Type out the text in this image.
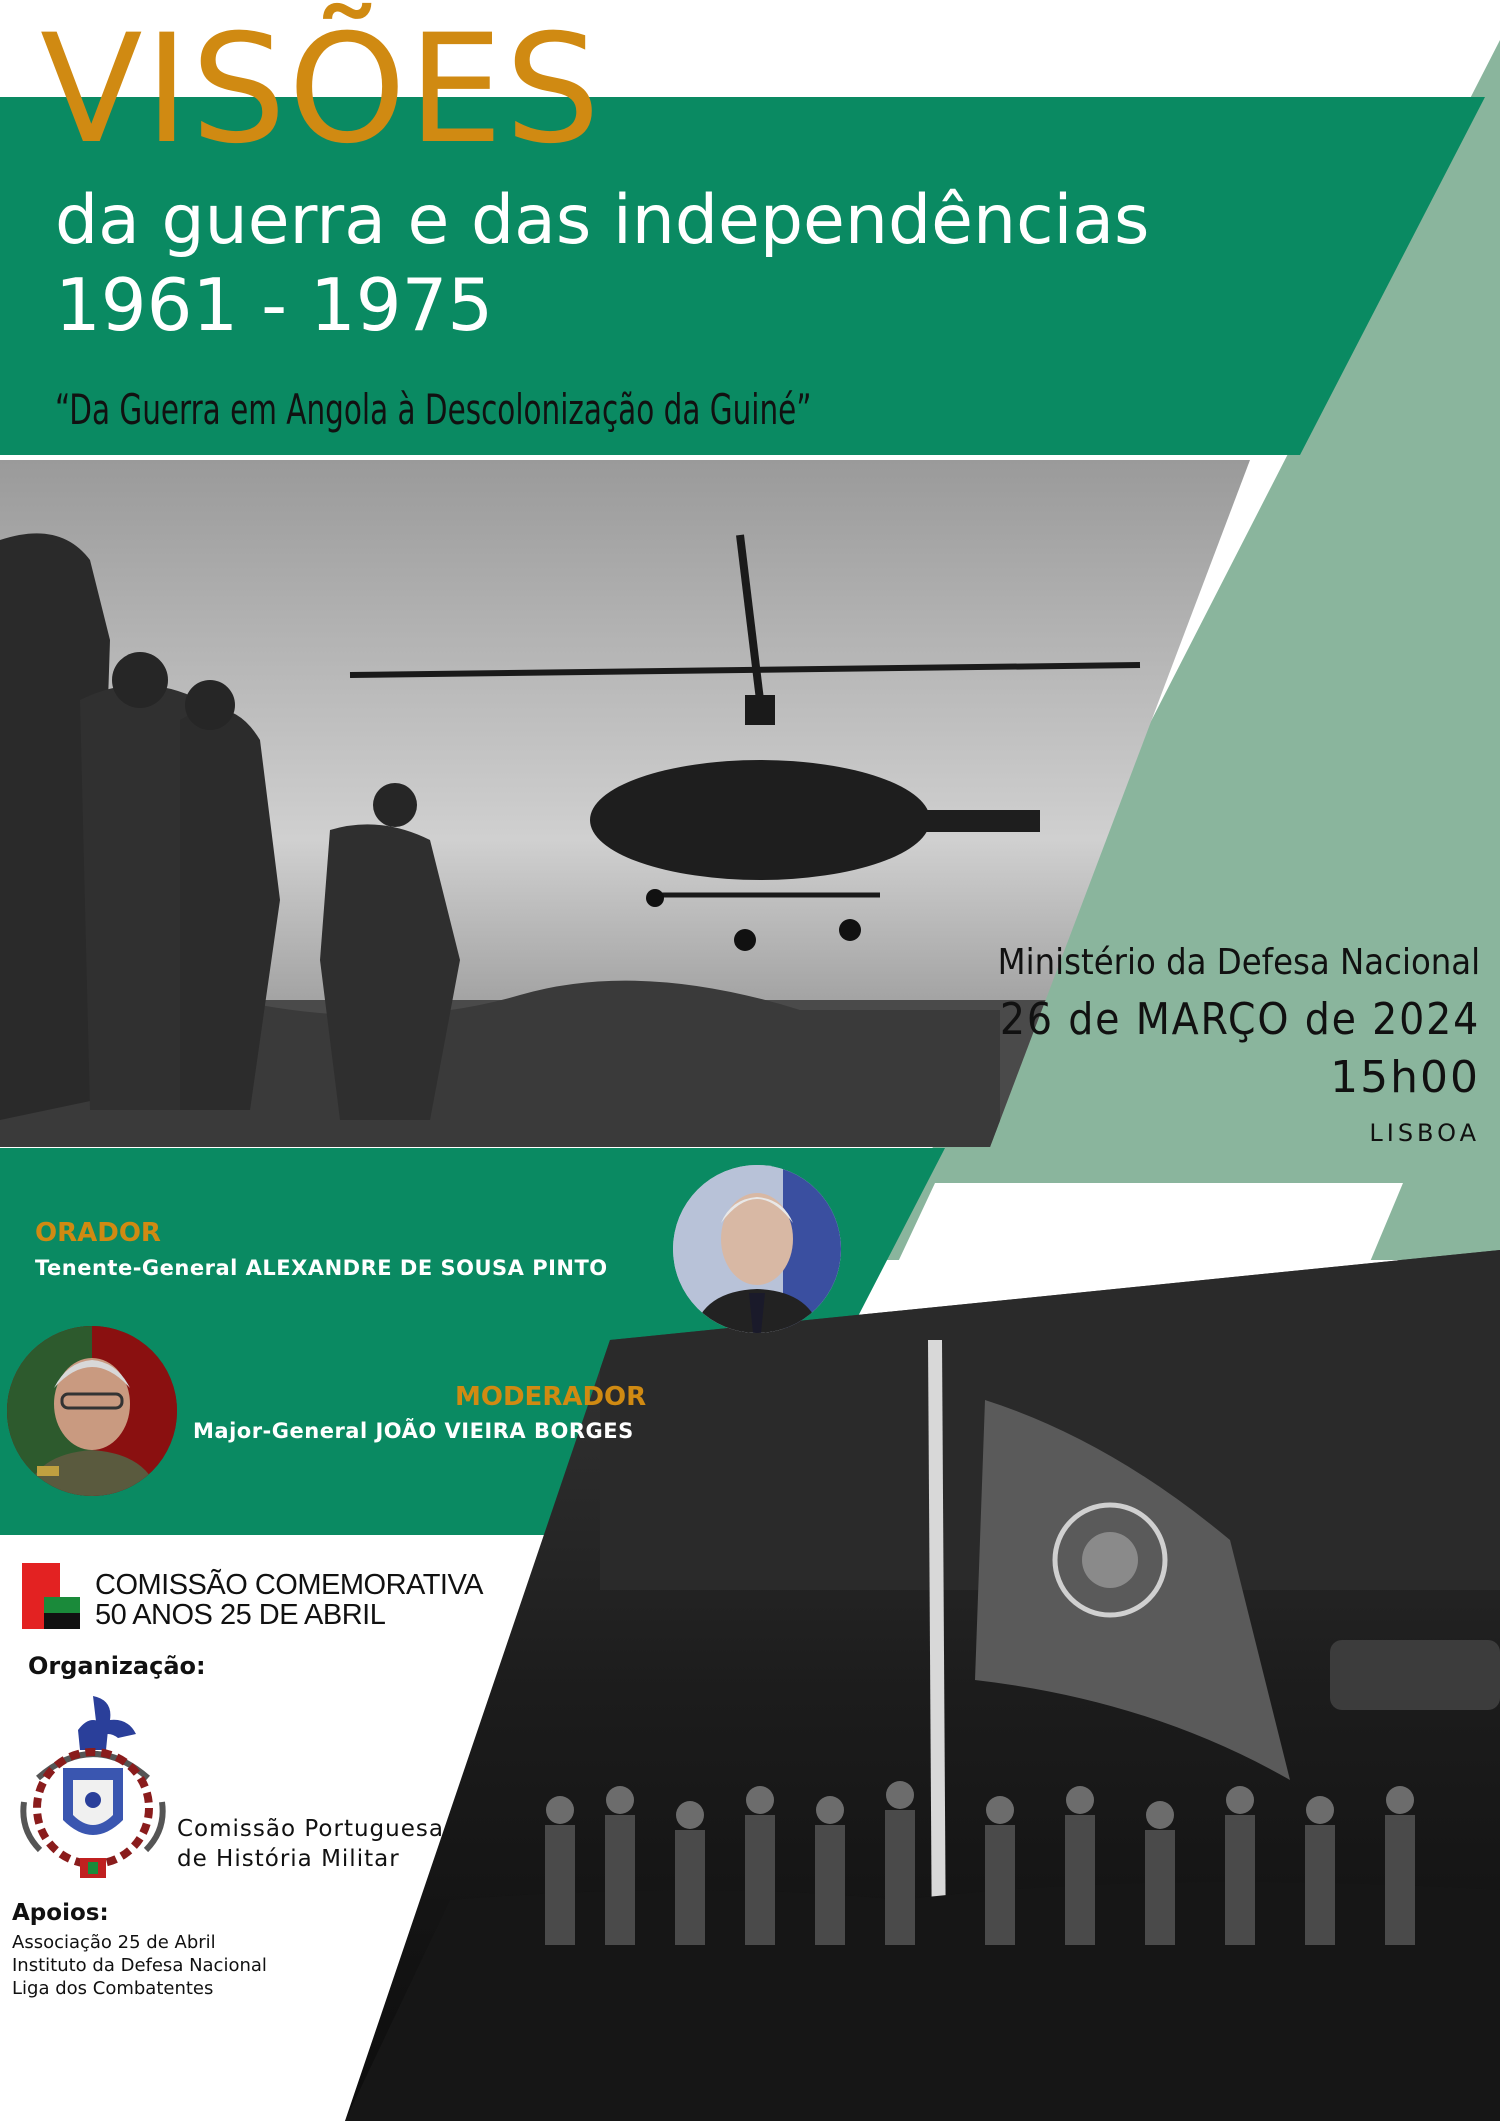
VISÕES
da guerra e das independências
1961 - 1975
“Da Guerra em Angola à Descolonização da Guiné”
Ministério da Defesa Nacional
26 de MARÇO de 2024
15h00
LISBOA
ORADOR
Tenente-General ALEXANDRE DE SOUSA PINTO
MODERADOR
Major-General JOÃO VIEIRA BORGES
COMISSÃO COMEMORATIVA
50 ANOS 25 DE ABRIL
Organização:
Comissão Portuguesa
de História Militar
Apoios:
Associação 25 de Abril
Instituto da Defesa Nacional
Liga dos Combatentes
